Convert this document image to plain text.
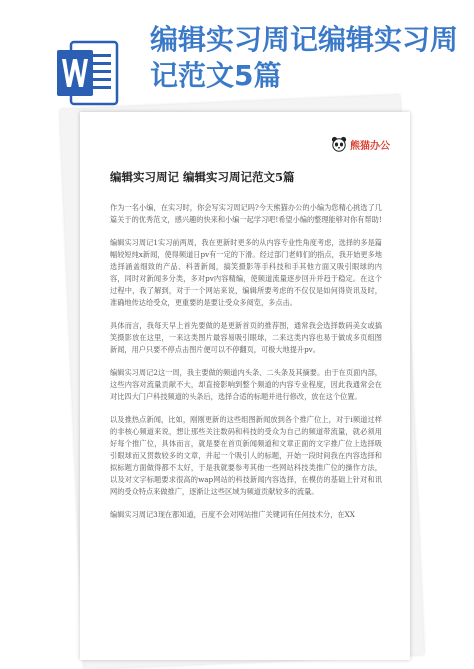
编辑实习周记编辑实习周记范文5篇
熊猫办公
编辑实习周记 编辑实习周记范文5篇

作为一名小编，在实习时，你会写实习周记吗?今天熊猫办公的小编为您精心挑选了几篇关于的优秀范文，感兴趣的快来和小编一起学习吧!希望小编的整理能够对你有帮助!

编辑实习周记1实习前两周，我在更新时更多的从内容专业性角度考虑，选择的多是篇幅较短纯x新闻，使得频道日pv有一定的下滑。经过部门老师们的指点，我开始更多地选择涵盖细致的产品、科普新闻，搞笑摄影等手科技和手其他方面又吸引眼球的内容，同时对新闻多分类，多对pv内容精编，使频道流量逐步回升并趋于稳定。在这个过程中，我了解到，对于一个网站来说，编辑所要考虑的不仅仅是如何得资讯及时，准确地传达给受众，更重要的是要让受众多阅览，多点击。

具体而言，我每天早上首先要做的是更新首页的推荐图，通常我会选择数码美女或搞笑摄影放在这里，一来这类图片最容易吸引眼球，二来这类内容也易于做成多页组图新闻，用户只要不停点击图片便可以不停翻页，可极大地提升pv。

编辑实习周记2这一周，我主要做的频道内头条、二头条及其摘要。由于在页面内部，这些内容对流量贡献不大，却直接影响到整个频道的内容专业程度，因此我通常会在对比四大门户科技频道的头条后，选择合适的标题并进行修改，放在这个位置。

以及推热点新闻，比如，刚刚更新的这些组图新闻放到各个推广位上，对于i频道过样的非核心频道来说，想让那些关注数码和科技的受众为自己的频道带流量，就必须用好每个推广位，具体而言，就是要在首页新闻频道和文章正面的文字推广位上选择吸引眼球而又贯数较多的文章，并起一个吸引人的标题，开始一段时间我在内容选择和拟标题方面做得都不太好，于是我就要参考其他一些网站科技类推广位的操作方法，以及对文字标题要求很高的wap网站的科技新闻内容选择，在模仿的基础上针对和讯网的受众特点来做推广，逐渐让这些区域为频道贡献较多的流量。

编辑实习周记3现在都知道，百度不会对网站推广关键词有任何技术分，在XX
